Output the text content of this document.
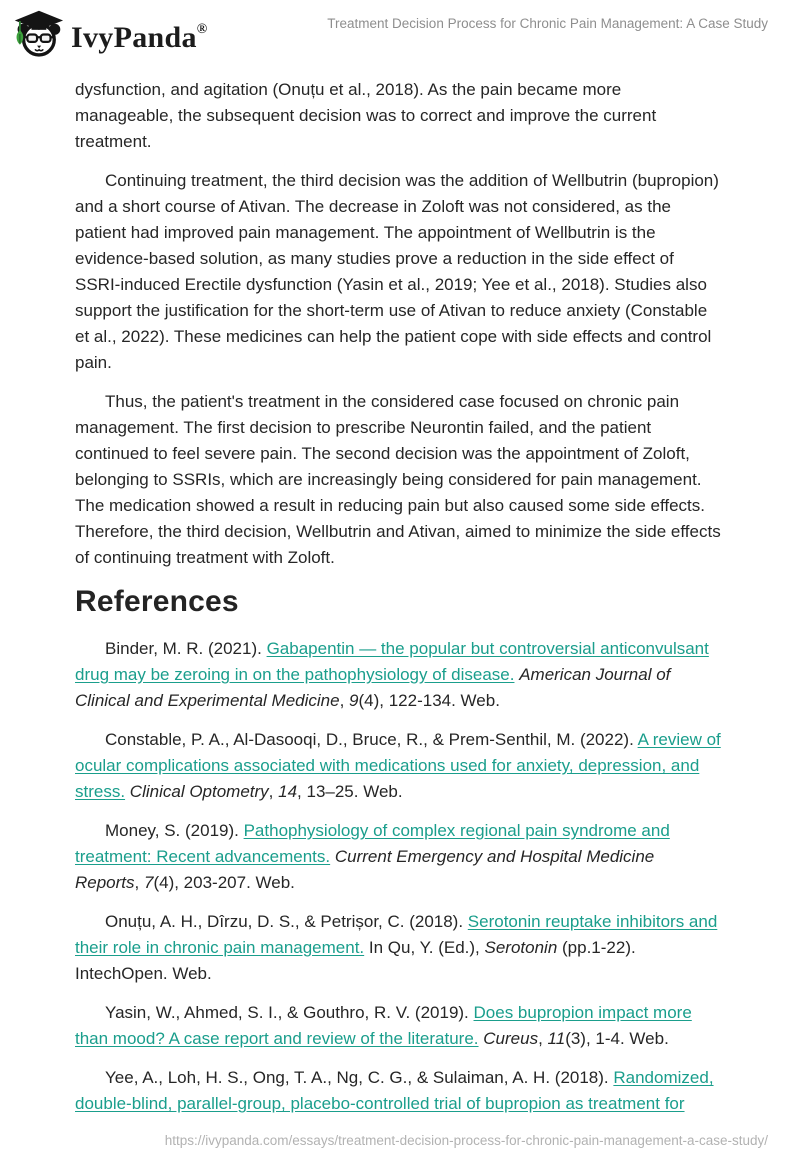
IvyPanda®	Treatment Decision Process for Chronic Pain Management: A Case Study

dysfunction, and agitation (Onuțu et al., 2018). As the pain became more manageable, the subsequent decision was to correct and improve the current treatment.

Continuing treatment, the third decision was the addition of Wellbutrin (bupropion) and a short course of Ativan. The decrease in Zoloft was not considered, as the patient had improved pain management. The appointment of Wellbutrin is the evidence-based solution, as many studies prove a reduction in the side effect of SSRI-induced Erectile dysfunction (Yasin et al., 2019; Yee et al., 2018). Studies also support the justification for the short-term use of Ativan to reduce anxiety (Constable et al., 2022). These medicines can help the patient cope with side effects and control pain.

Thus, the patient's treatment in the considered case focused on chronic pain management. The first decision to prescribe Neurontin failed, and the patient continued to feel severe pain. The second decision was the appointment of Zoloft, belonging to SSRIs, which are increasingly being considered for pain management. The medication showed a result in reducing pain but also caused some side effects. Therefore, the third decision, Wellbutrin and Ativan, aimed to minimize the side effects of continuing treatment with Zoloft.

References

Binder, M. R. (2021). Gabapentin — the popular but controversial anticonvulsant drug may be zeroing in on the pathophysiology of disease. American Journal of Clinical and Experimental Medicine, 9(4), 122-134. Web.

Constable, P. A., Al-Dasooqi, D., Bruce, R., & Prem-Senthil, M. (2022). A review of ocular complications associated with medications used for anxiety, depression, and stress. Clinical Optometry, 14, 13–25. Web.

Money, S. (2019). Pathophysiology of complex regional pain syndrome and treatment: Recent advancements. Current Emergency and Hospital Medicine Reports, 7(4), 203-207. Web.

Onuțu, A. H., Dîrzu, D. S., & Petrișor, C. (2018). Serotonin reuptake inhibitors and their role in chronic pain management. In Qu, Y. (Ed.), Serotonin (pp.1-22). IntechOpen. Web.

Yasin, W., Ahmed, S. I., & Gouthro, R. V. (2019). Does bupropion impact more than mood? A case report and review of the literature. Cureus, 11(3), 1-4. Web.

Yee, A., Loh, H. S., Ong, T. A., Ng, C. G., & Sulaiman, A. H. (2018). Randomized, double-blind, parallel-group, placebo-controlled trial of bupropion as treatment for

https://ivypanda.com/essays/treatment-decision-process-for-chronic-pain-management-a-case-study/
